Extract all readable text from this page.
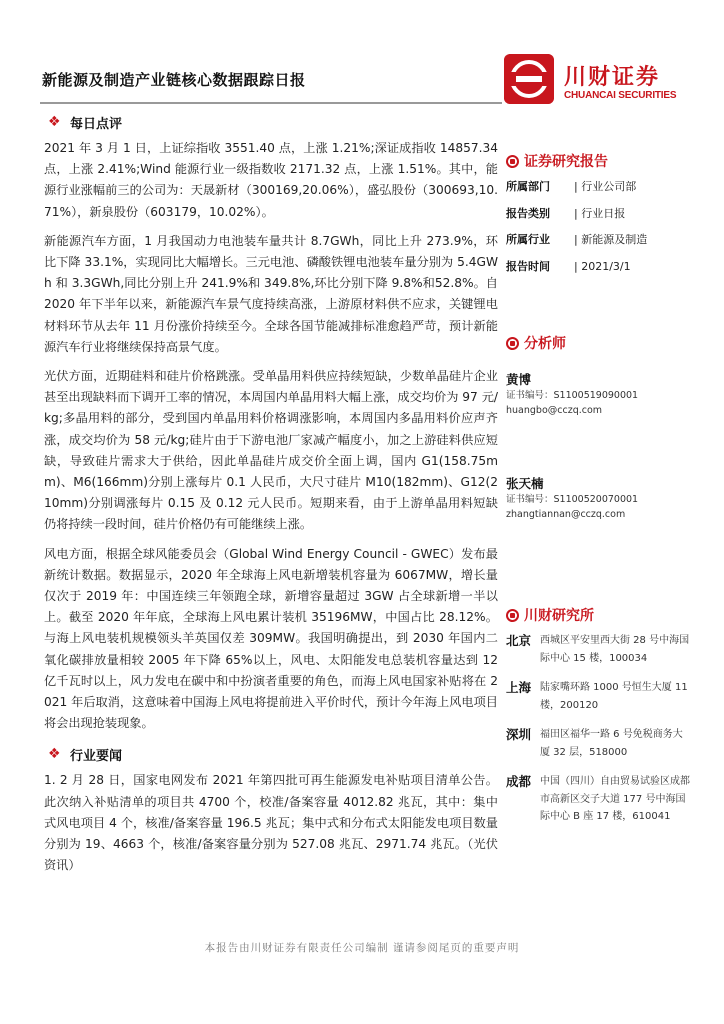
新能源及制造产业链核心数据跟踪日报	川财证券
CHUANCAI SECURITIES
❖ 每日点评

2021 年 3 月 1 日，上证综指收 3551.40 点，上涨 1.21%;深证成指收 14857.34 点，上涨 2.41%;Wind 能源行业一级指数收 2171.32 点，上涨 1.51%。其中，能源行业涨幅前三的公司为：天晟新材（300169,20.06%），盛弘股份（300693,10.71%），新泉股份（603179，10.02%）。

新能源汽车方面，1 月我国动力电池装车量共计 8.7GWh，同比上升 273.9%，环比下降 33.1%，实现同比大幅增长。三元电池、磷酸铁锂电池装车量分别为 5.4GWh 和 3.3GWh,同比分别上升 241.9%和 349.8%,环比分别下降 9.8%和52.8%。自 2020 年下半年以来，新能源汽车景气度持续高涨，上游原材料供不应求，关键锂电材料环节从去年 11 月份涨价持续至今。全球各国节能减排标准愈趋严苛，预计新能源汽车行业将继续保持高景气度。

光伏方面，近期硅料和硅片价格跳涨。受单晶用料供应持续短缺，少数单晶硅片企业甚至出现缺料而下调开工率的情况，本周国内单晶用料大幅上涨，成交均价为 97 元/kg;多晶用料的部分，受到国内单晶用料价格调涨影响，本周国内多晶用料价应声齐涨，成交均价为 58 元/kg;硅片由于下游电池厂家减产幅度小，加之上游硅料供应短缺，导致硅片需求大于供给，因此单晶硅片成交价全面上调，国内 G1(158.75mm)、M6(166mm)分别上涨每片 0.1 人民币，大尺寸硅片 M10(182mm)、G12(210mm)分别调涨每片 0.15 及 0.12 元人民币。短期来看，由于上游单晶用料短缺仍将持续一段时间，硅片价格仍有可能继续上涨。

风电方面，根据全球风能委员会（Global Wind Energy Council - GWEC）发布最新统计数据。数据显示，2020 年全球海上风电新增装机容量为 6067MW，增长量仅次于 2019 年：中国连续三年领跑全球，新增容量超过 3GW 占全球新增一半以上。截至 2020 年年底，全球海上风电累计装机 35196MW，中国占比 28.12%。与海上风电装机规模领头羊英国仅差 309MW。我国明确提出，到 2030 年国内二氧化碳排放量相较 2005 年下降 65%以上，风电、太阳能发电总装机容量达到 12 亿千瓦时以上，风力发电在碳中和中扮演者重要的角色，而海上风电国家补贴将在 2021 年后取消，这意味着中国海上风电将提前进入平价时代，预计今年海上风电项目将会出现抢装现象。

❖ 行业要闻

1. 2 月 28 日，国家电网发布 2021 年第四批可再生能源发电补贴项目清单公告。此次纳入补贴清单的项目共 4700 个，校准/备案容量 4012.82 兆瓦，其中：集中式风电项目 4 个，核准/备案容量 196.5 兆瓦；集中式和分布式太阳能发电项目数量分别为 19、4663 个，核准/备案容量分别为 527.08 兆瓦、2971.74 兆瓦。（光伏资讯）

证券研究报告
所属部门	| 行业公司部
报告类别	| 行业日报
所属行业	| 新能源及制造
报告时间	| 2021/3/1
分析师
黄博
证书编号：S1100519090001
huangbo@cczq.com
张天楠
证书编号：S1100520070001
zhangtiannan@cczq.com
川财研究所
北京 西城区平安里西大街 28 号中海国际中心 15 楼，100034
上海 陆家嘴环路 1000 号恒生大厦 11 楼，200120
深圳 福田区福华一路 6 号免税商务大厦 32 层，518000
成都 中国（四川）自由贸易试验区成都市高新区交子大道 177 号中海国际中心 B 座 17 楼，610041
本报告由川财证券有限责任公司编制 谨请参阅尾页的重要声明
